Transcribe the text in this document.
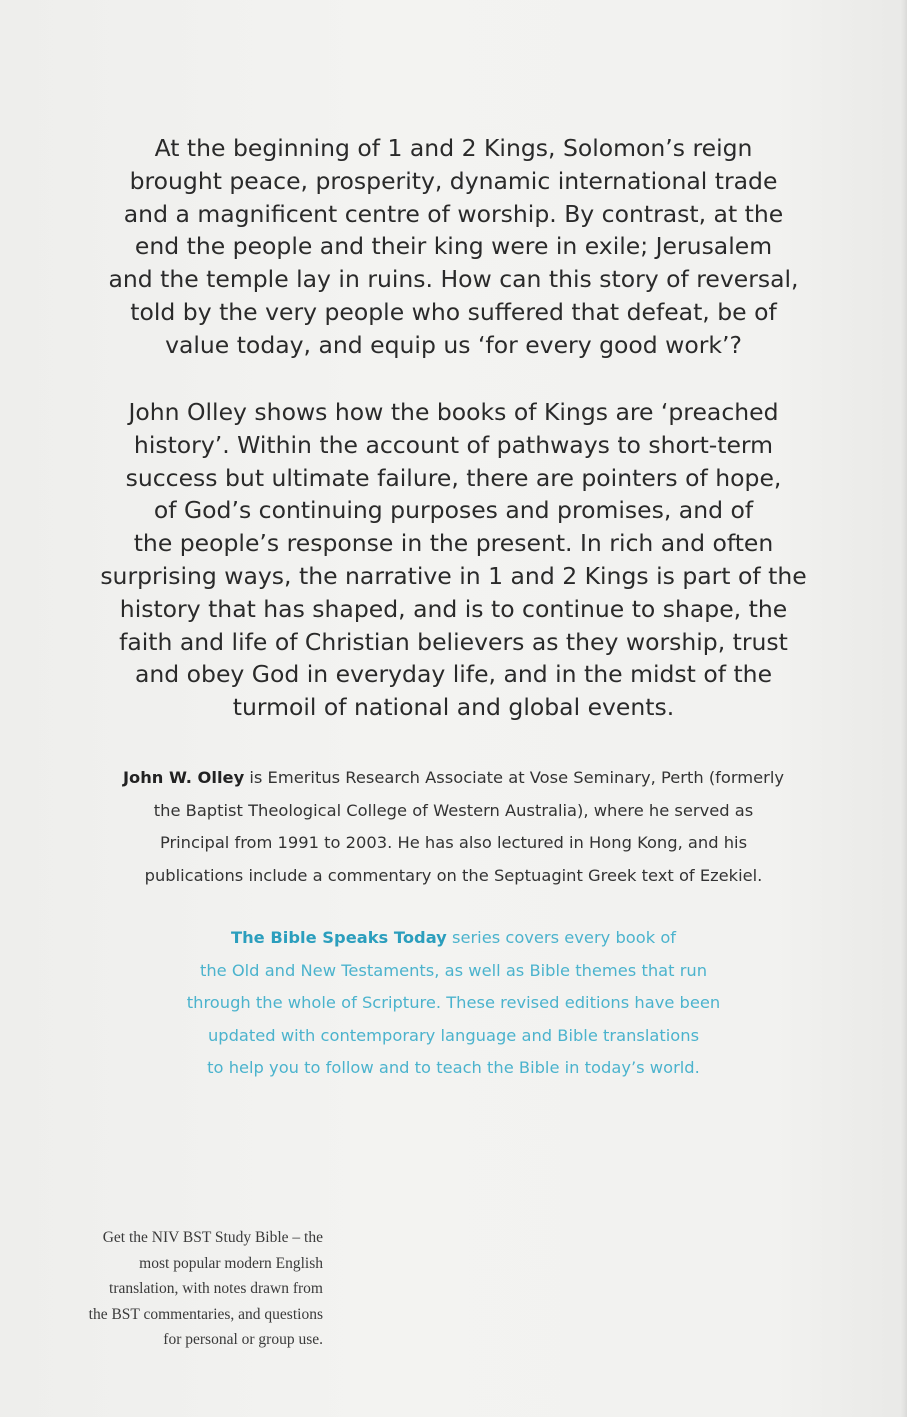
At the beginning of 1 and 2 Kings, Solomon’s reign
brought peace, prosperity, dynamic international trade
and a magnificent centre of worship. By contrast, at the
end the people and their king were in exile; Jerusalem
and the temple lay in ruins. How can this story of reversal,
told by the very people who suffered that defeat, be of
value today, and equip us ‘for every good work’?
John Olley shows how the books of Kings are ‘preached
history’. Within the account of pathways to short-term
success but ultimate failure, there are pointers of hope,
of God’s continuing purposes and promises, and of
the people’s response in the present. In rich and often
surprising ways, the narrative in 1 and 2 Kings is part of the
history that has shaped, and is to continue to shape, the
faith and life of Christian believers as they worship, trust
and obey God in everyday life, and in the midst of the
turmoil of national and global events.
John W. Olley is Emeritus Research Associate at Vose Seminary, Perth (formerly
the Baptist Theological College of Western Australia), where he served as
Principal from 1991 to 2003. He has also lectured in Hong Kong, and his
publications include a commentary on the Septuagint Greek text of Ezekiel.
The Bible Speaks Today series covers every book of
the Old and New Testaments, as well as Bible themes that run
through the whole of Scripture. These revised editions have been
updated with contemporary language and Bible translations
to help you to follow and to teach the Bible in today’s world.
Get the NIV BST Study Bible – the
most popular modern English
translation, with notes drawn from
the BST commentaries, and questions
for personal or group use.
